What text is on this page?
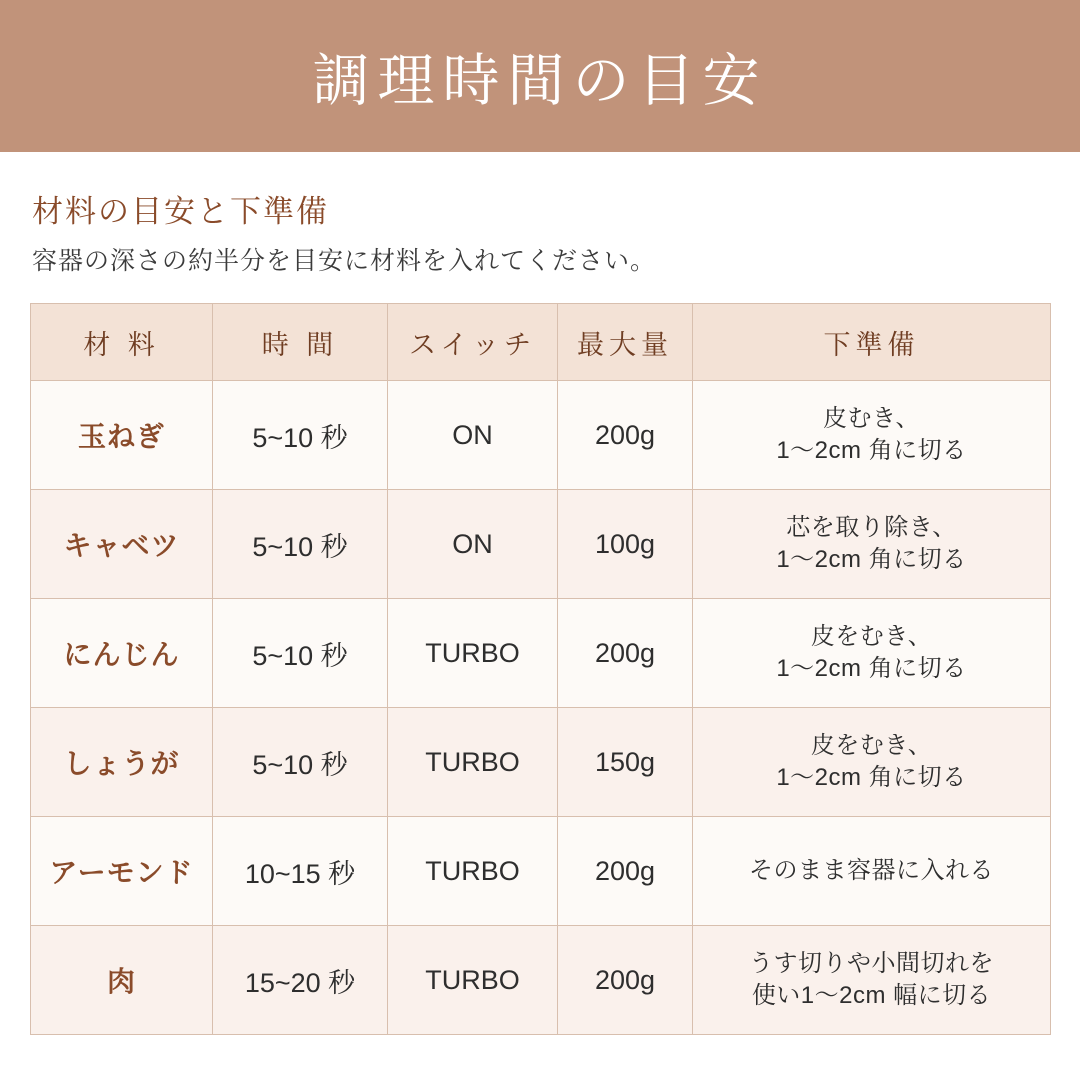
調理時間の目安
材料の目安と下準備
容器の深さの約半分を目安に材料を入れてください。
材 料	時 間	スイッチ	最大量	下準備
玉ねぎ	5~10 秒	ON	200g	皮むき、
1〜2cm 角に切る

キャベツ	5~10 秒	ON	100g	芯を取り除き、
1〜2cm 角に切る

にんじん	5~10 秒	TURBO	200g	皮をむき、
1〜2cm 角に切る

しょうが	5~10 秒	TURBO	150g	皮をむき、
1〜2cm 角に切る

アーモンド	10~15 秒	TURBO	200g	そのまま容器に入れる

肉	15~20 秒	TURBO	200g	うす切りや小間切れを
使い1〜2cm 幅に切る
